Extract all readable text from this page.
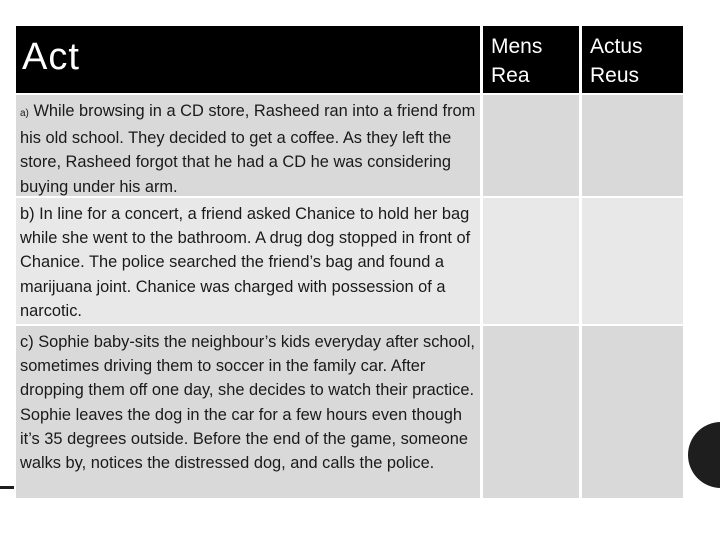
Act	Mens
Rea
Actus
Reus
a) While browsing in a CD store, Rasheed ran into a friend from his old school. They decided to get a coffee. As they left the store, Rasheed forgot that he had a CD he was considering buying under his arm.
b) In line for a concert, a friend asked Chanice to hold her bag while she went to the bathroom. A drug dog stopped in front of Chanice. The police searched the friend’s bag and found a marijuana joint. Chanice was charged with possession of a narcotic.
c) Sophie baby-sits the neighbour’s kids everyday after school, sometimes driving them to soccer in the family car. After dropping them off one day, she decides to watch their practice. Sophie leaves the dog in the car for a few hours even though it’s 35 degrees outside. Before the end of the game, someone walks by, notices the distressed dog, and calls the police.
